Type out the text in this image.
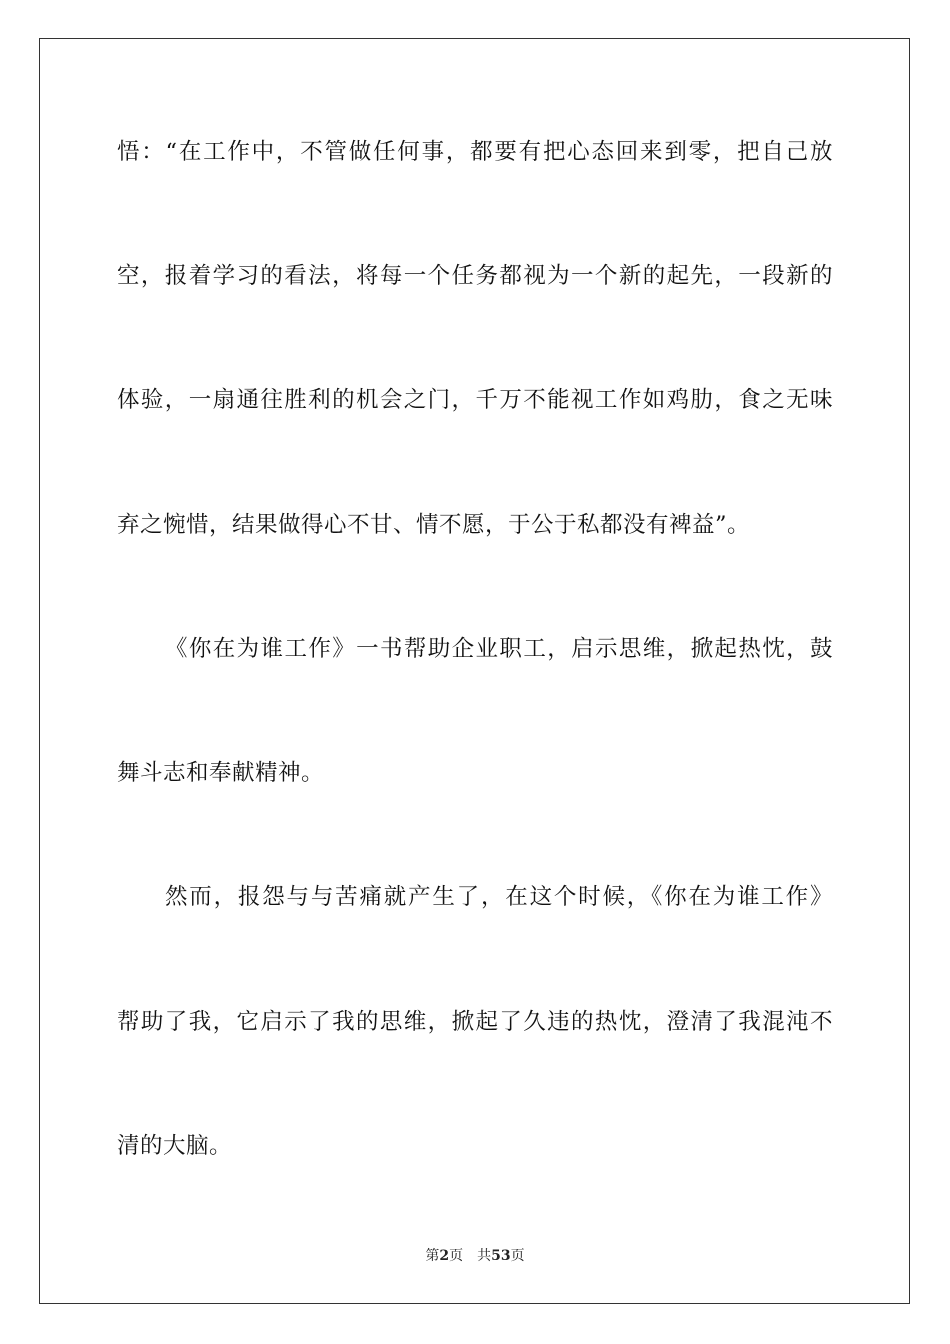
悟：“在工作中，不管做任何事，都要有把心态回来到零，把自己放
空，报着学习的看法，将每一个任务都视为一个新的起先，一段新的
体验，一扇通往胜利的机会之门，千万不能视工作如鸡肋，食之无味
弃之惋惜，结果做得心不甘、情不愿，于公于私都没有裨益”。
《你在为谁工作》一书帮助企业职工，启示思维，掀起热忱，鼓
舞斗志和奉献精神。
然而，报怨与与苦痛就产生了，在这个时候，《你在为谁工作》
帮助了我，它启示了我的思维，掀起了久违的热忱，澄清了我混沌不
清的大脑。
第2页 共53页
